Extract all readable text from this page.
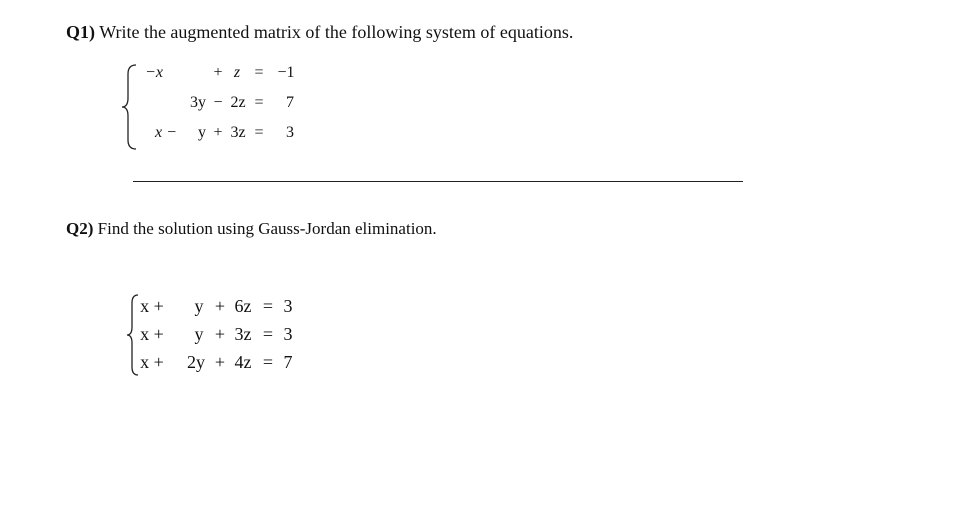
Q1) Write the augmented matrix of the following system of equations.
−x	+ z = −1
3y − 2z = 7
x − y + 3z = 3
Q2) Find the solution using Gauss-Jordan elimination.
x + y + 6z = 3
x + y + 3z = 3
x + 2y + 4z = 7
